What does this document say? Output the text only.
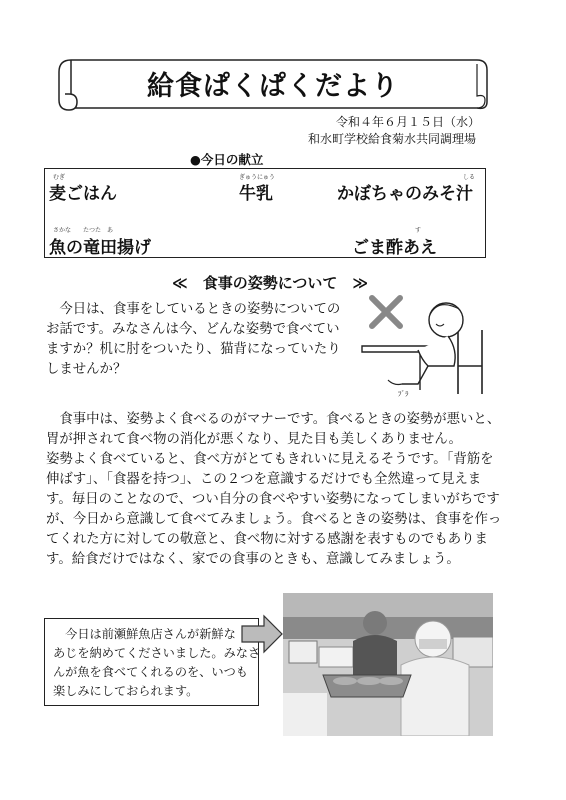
給食ぱくぱくだより
令和４年６月１５日（水）
和水町学校給食菊水共同調理場
●今日の献立
むぎ
麦ごはん
ぎゅうにゅう
牛乳
しる
かぼちゃのみそ汁
さかな　　たつた　あ
魚の竜田揚げ
す
ごま酢あえ
≪　食事の姿勢について　≫
　今日は、食事をしているときの姿勢についての
お話です。みなさんは今、どんな姿勢で食べてい
ますか？机に肘をついたり、猫背になっていたり
しませんか？
ﾌﾞﾗ
　食事中は、姿勢よく食べるのがマナーです。食べるときの姿勢が悪いと、
胃が押されて食べ物の消化が悪くなり、見た目も美しくありません。
姿勢よく食べていると、食べ方がとてもきれいに見えるそうです。「背筋を
伸ばす」、「食器を持つ」、この２つを意識するだけでも全然違って見えま
す。毎日のことなので、つい自分の食べやすい姿勢になってしまいがちです
が、今日から意識して食べてみましょう。食べるときの姿勢は、食事を作っ
てくれた方に対しての敬意と、食べ物に対する感謝を表すものでもありま
す。給食だけではなく、家での食事のときも、意識してみましょう。
　今日は前瀬鮮魚店さんが新鮮な
あじを納めてくださいました。みなさ
んが魚を食べてくれるのを、いつも
楽しみにしておられます。
